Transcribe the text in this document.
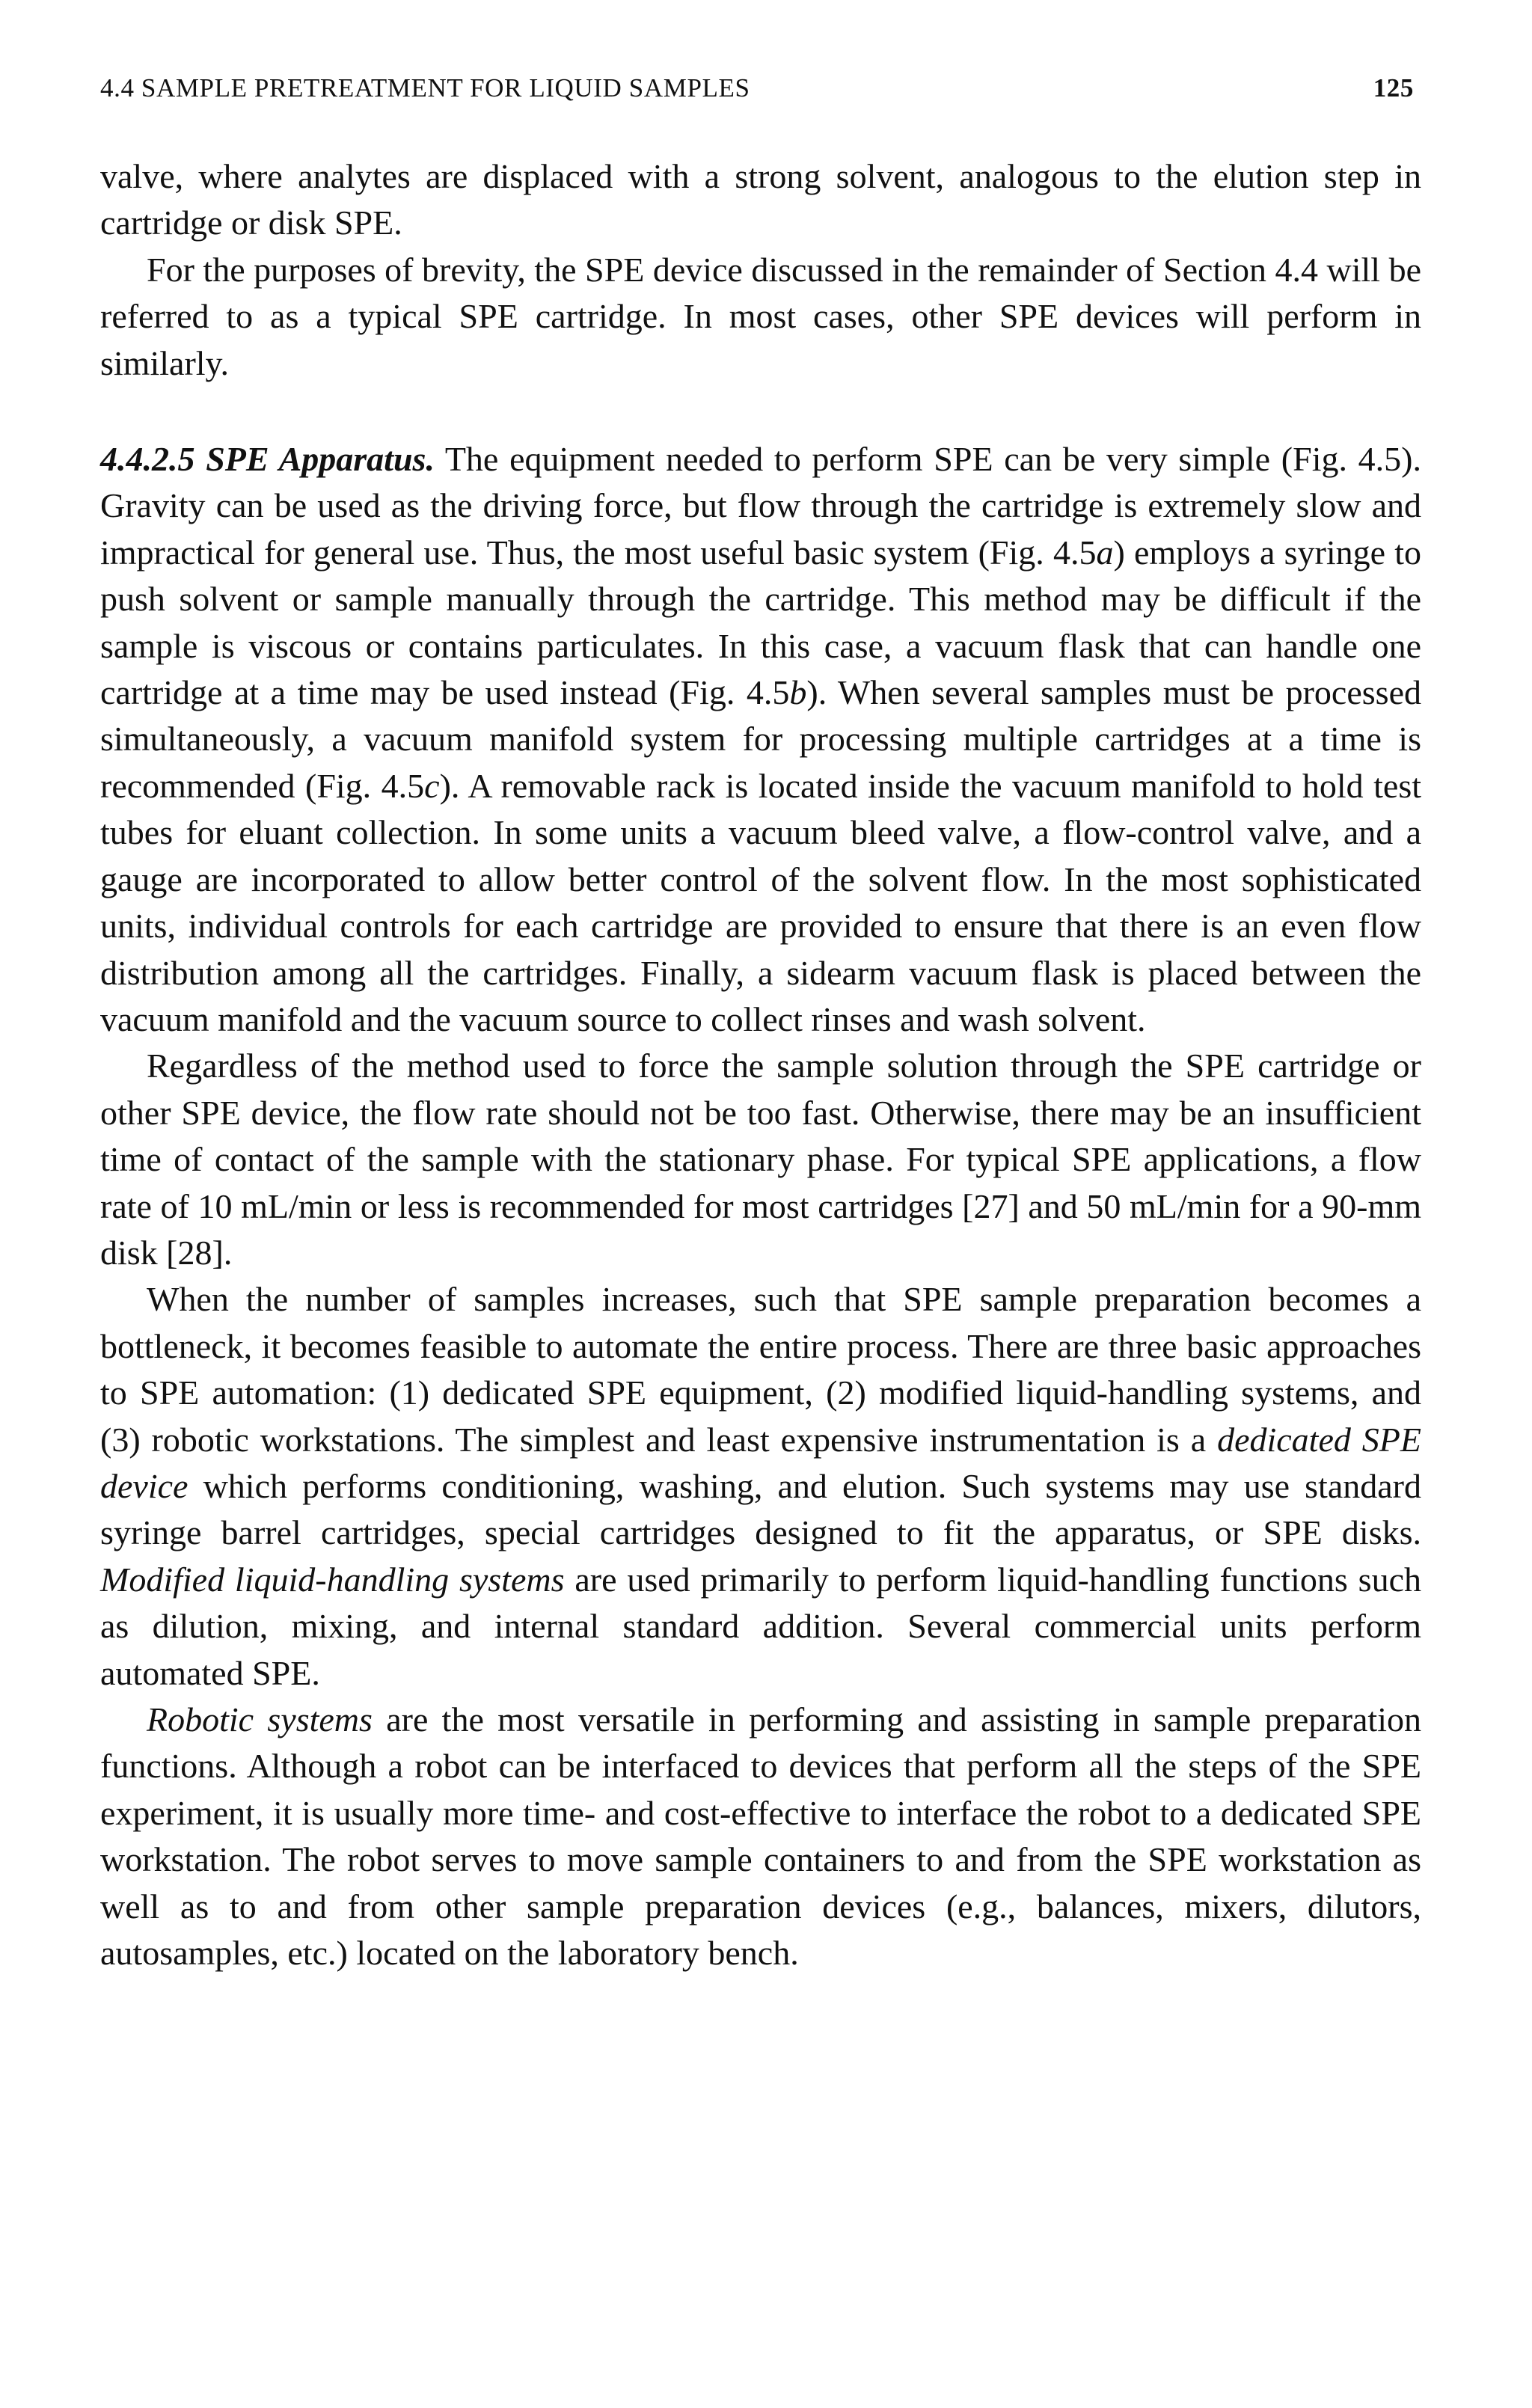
4.4 SAMPLE PRETREATMENT FOR LIQUID SAMPLES	125

valve, where analytes are displaced with a strong solvent, analogous to the elution step in cartridge or disk SPE.

For the purposes of brevity, the SPE device discussed in the remainder of Section 4.4 will be referred to as a typical SPE cartridge. In most cases, other SPE devices will perform in similarly.

4.4.2.5 SPE Apparatus. The equipment needed to perform SPE can be very simple (Fig. 4.5). Gravity can be used as the driving force, but flow through the cartridge is extremely slow and impractical for general use. Thus, the most useful basic system (Fig. 4.5a) employs a syringe to push solvent or sample manually through the cartridge. This method may be difficult if the sample is viscous or contains particulates. In this case, a vacuum flask that can handle one cartridge at a time may be used instead (Fig. 4.5b). When several samples must be processed simultaneously, a vacuum manifold system for processing multiple cartridges at a time is recommended (Fig. 4.5c). A removable rack is located inside the vacuum manifold to hold test tubes for eluant collection. In some units a vacuum bleed valve, a flow-control valve, and a gauge are incorporated to allow better control of the solvent flow. In the most sophisticated units, individual controls for each cartridge are provided to ensure that there is an even flow distribution among all the cartridges. Finally, a sidearm vacuum flask is placed between the vacuum manifold and the vacuum source to collect rinses and wash solvent.

Regardless of the method used to force the sample solution through the SPE cartridge or other SPE device, the flow rate should not be too fast. Otherwise, there may be an insufficient time of contact of the sample with the stationary phase. For typical SPE applications, a flow rate of 10 mL/min or less is recommended for most cartridges [27] and 50 mL/min for a 90-mm disk [28].

When the number of samples increases, such that SPE sample preparation becomes a bottleneck, it becomes feasible to automate the entire process. There are three basic approaches to SPE automation: (1) dedicated SPE equipment, (2) modified liquid-handling systems, and (3) robotic workstations. The simplest and least expensive instrumentation is a dedicated SPE device which performs conditioning, washing, and elution. Such systems may use standard syringe barrel cartridges, special cartridges designed to fit the apparatus, or SPE disks. Modified liquid-handling systems are used primarily to perform liquid-handling functions such as dilution, mixing, and internal standard addition. Several commercial units perform automated SPE.

Robotic systems are the most versatile in performing and assisting in sample preparation functions. Although a robot can be interfaced to devices that perform all the steps of the SPE experiment, it is usually more time- and cost-effective to interface the robot to a dedicated SPE workstation. The robot serves to move sample containers to and from the SPE workstation as well as to and from other sample preparation devices (e.g., balances, mixers, dilutors, autosamples, etc.) located on the laboratory bench.
